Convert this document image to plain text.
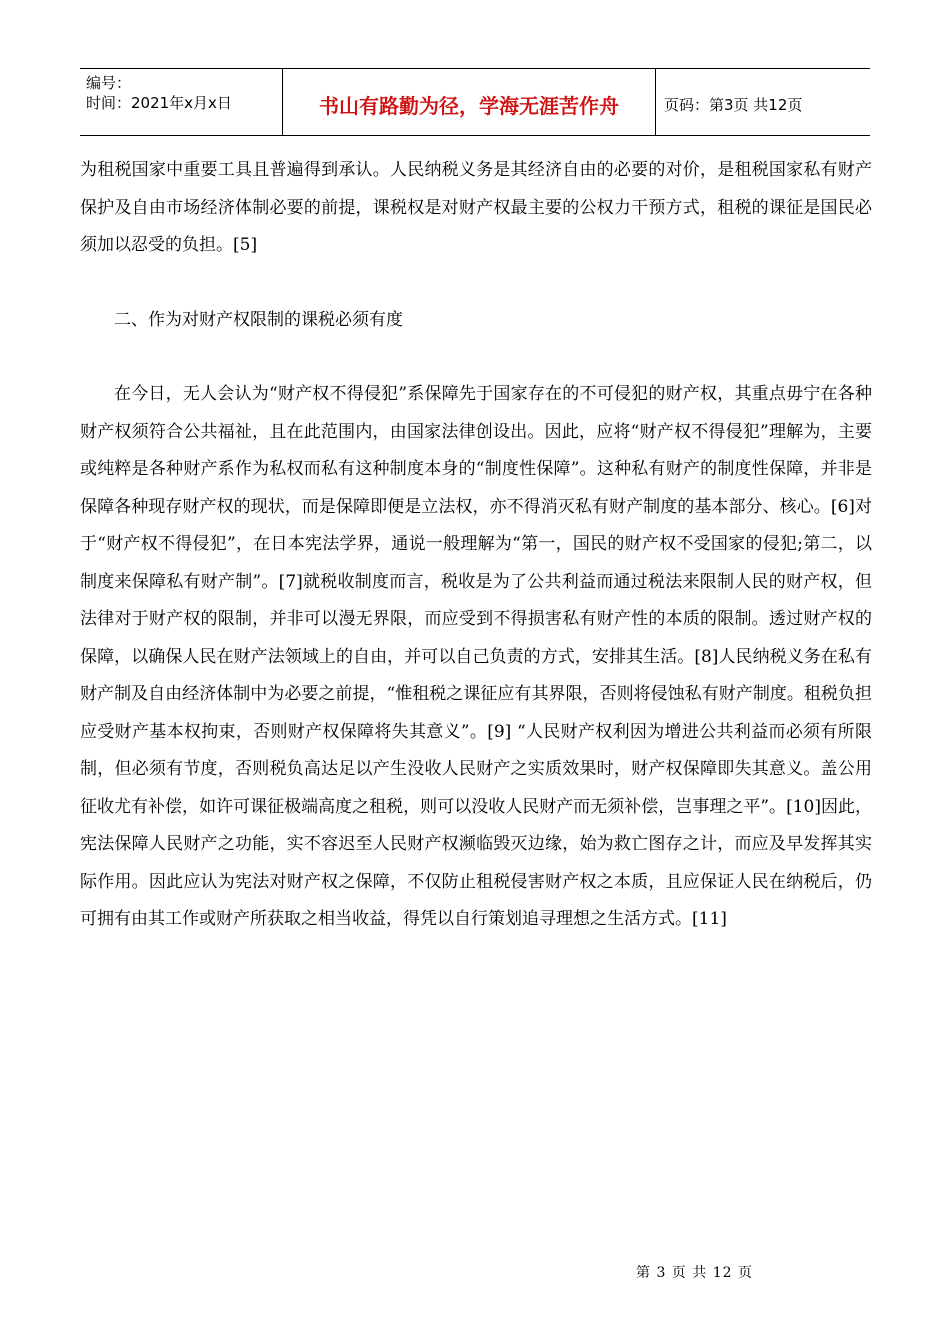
编号：
时间：2021年x月x日	书山有路勤为径，学海无涯苦作舟	页码：第3页 共12页

为租税国家中重要工具且普遍得到承认。人民纳税义务是其经济自由的必要的对价，是租税国家私有财产保护及自由市场经济体制必要的前提，课税权是对财产权最主要的公权力干预方式，租税的课征是国民必须加以忍受的负担。[5]

二、作为对财产权限制的课税必须有度

在今日，无人会认为“财产权不得侵犯”系保障先于国家存在的不可侵犯的财产权，其重点毋宁在各种财产权须符合公共福祉，且在此范围内，由国家法律创设出。因此，应将“财产权不得侵犯”理解为，主要或纯粹是各种财产系作为私权而私有这种制度本身的“制度性保障”。这种私有财产的制度性保障，并非是保障各种现存财产权的现状，而是保障即便是立法权，亦不得消灭私有财产制度的基本部分、核心。[6]对于“财产权不得侵犯”，在日本宪法学界，通说一般理解为“第一，国民的财产权不受国家的侵犯;第二，以制度来保障私有财产制”。[7]就税收制度而言，税收是为了公共利益而通过税法来限制人民的财产权，但法律对于财产权的限制，并非可以漫无界限，而应受到不得损害私有财产性的本质的限制。透过财产权的保障，以确保人民在财产法领域上的自由，并可以自己负责的方式，安排其生活。[8]人民纳税义务在私有财产制及自由经济体制中为必要之前提，“惟租税之课征应有其界限，否则将侵蚀私有财产制度。租税负担应受财产基本权拘束，否则财产权保障将失其意义”。[9] “人民财产权利因为增进公共利益而必须有所限制，但必须有节度，否则税负高达足以产生没收人民财产之实质效果时，财产权保障即失其意义。盖公用征收尤有补偿，如许可课征极端高度之租税，则可以没收人民财产而无须补偿，岂事理之平”。[10]因此，宪法保障人民财产之功能，实不容迟至人民财产权濒临毁灭边缘，始为救亡图存之计，而应及早发挥其实际作用。因此应认为宪法对财产权之保障，不仅防止租税侵害财产权之本质，且应保证人民在纳税后，仍可拥有由其工作或财产所获取之相当收益，得凭以自行策划追寻理想之生活方式。[11]

第 3 页 共 12 页
